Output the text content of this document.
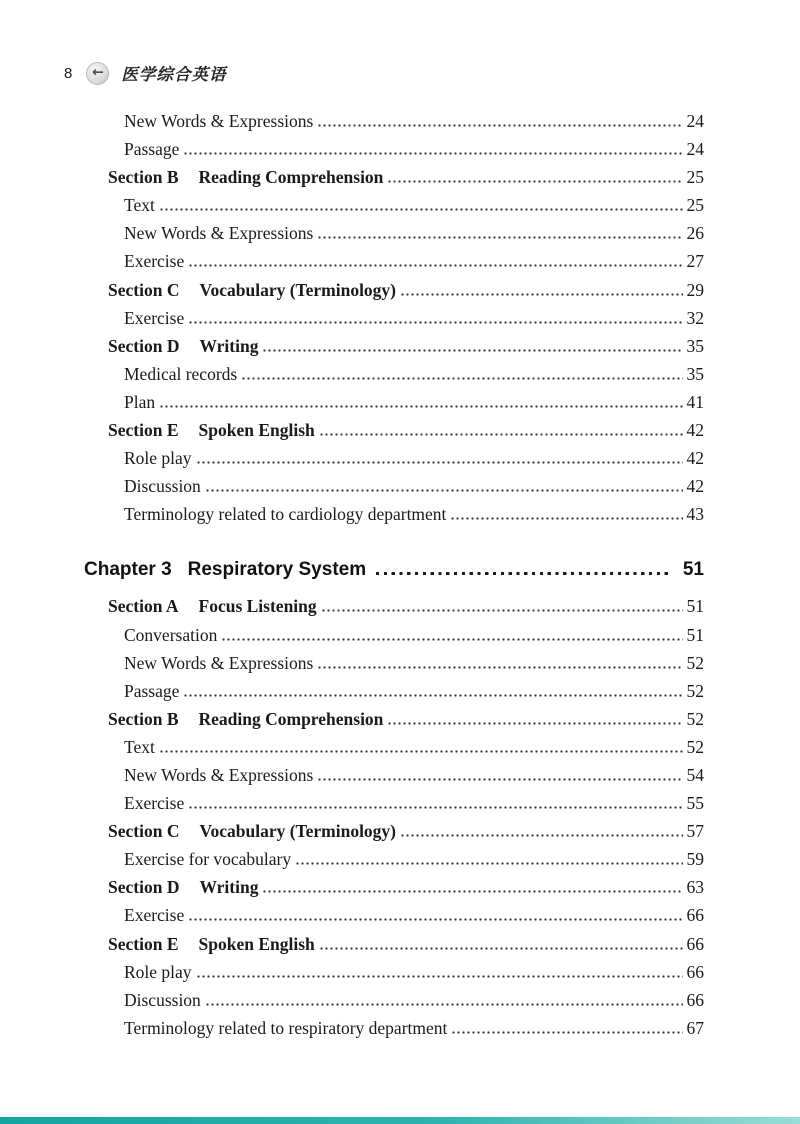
8 ← 医学综合英语
New Words & Expressions	24
Passage	24
Section B Reading Comprehension	25
Text	25
New Words & Expressions	26
Exercise	27
Section C Vocabulary (Terminology)	29
Exercise	32
Section D Writing	35
Medical records	35
Plan	41
Section E Spoken English	42
Role play	42
Discussion	42
Terminology related to cardiology department	43
Chapter 3 Respiratory System	51
Section A Focus Listening	51
Conversation	51
New Words & Expressions	52
Passage	52
Section B Reading Comprehension	52
Text	52
New Words & Expressions	54
Exercise	55
Section C Vocabulary (Terminology)	57
Exercise for vocabulary	59
Section D Writing	63
Exercise	66
Section E Spoken English	66
Role play	66
Discussion	66
Terminology related to respiratory department	67
